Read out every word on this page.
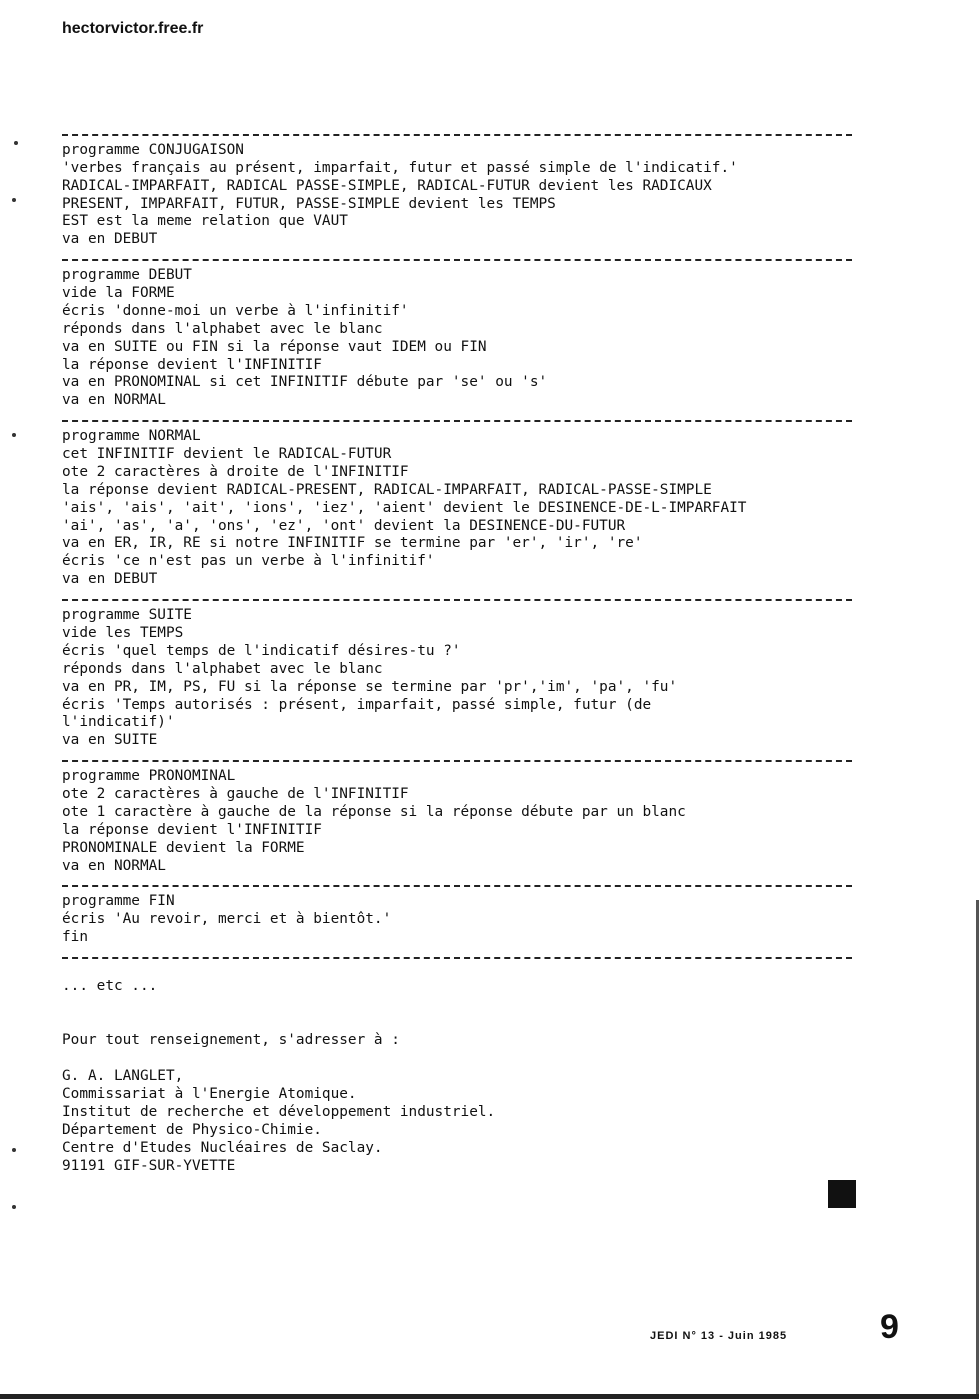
hectorvictor.free.fr
programme CONJUGAISON
'verbes français au présent, imparfait, futur et passé simple de l'indicatif.'
RADICAL-IMPARFAIT, RADICAL PASSE-SIMPLE, RADICAL-FUTUR devient les RADICAUX
PRESENT, IMPARFAIT, FUTUR, PASSE-SIMPLE devient les TEMPS
EST est la meme relation que VAUT
va en DEBUT
programme DEBUT
vide la FORME
écris 'donne-moi un verbe à l'infinitif'
réponds dans l'alphabet avec le blanc
va en SUITE ou FIN si la réponse vaut IDEM ou FIN
la réponse devient l'INFINITIF
va en PRONOMINAL si cet INFINITIF débute par 'se' ou 's'
va en NORMAL
programme NORMAL
cet INFINITIF devient le RADICAL-FUTUR
ote 2 caractères à droite de l'INFINITIF
la réponse devient RADICAL-PRESENT, RADICAL-IMPARFAIT, RADICAL-PASSE-SIMPLE
'ais', 'ais', 'ait', 'ions', 'iez', 'aient' devient le DESINENCE-DE-L-IMPARFAIT
'ai', 'as', 'a', 'ons', 'ez', 'ont' devient la DESINENCE-DU-FUTUR
va en ER, IR, RE si notre INFINITIF se termine par 'er', 'ir', 're'
écris 'ce n'est pas un verbe à l'infinitif'
va en DEBUT
programme SUITE
vide les TEMPS
écris 'quel temps de l'indicatif désires-tu ?'
réponds dans l'alphabet avec le blanc
va en PR, IM, PS, FU si la réponse se termine par 'pr','im', 'pa', 'fu'
écris 'Temps autorisés : présent, imparfait, passé simple, futur (de
l'indicatif)'
va en SUITE
programme PRONOMINAL
ote 2 caractères à gauche de l'INFINITIF
ote 1 caractère à gauche de la réponse si la réponse débute par un blanc
la réponse devient l'INFINITIF
PRONOMINALE devient la FORME
va en NORMAL
programme FIN
écris 'Au revoir, merci et à bientôt.'
fin
... etc ...
Pour tout renseignement, s'adresser à :
G. A. LANGLET,
Commissariat à l'Energie Atomique.
Institut de recherche et développement industriel.
Département de Physico-Chimie.
Centre d'Etudes Nucléaires de Saclay.
91191 GIF-SUR-YVETTE
JEDI N° 13 - Juin 1985	9
